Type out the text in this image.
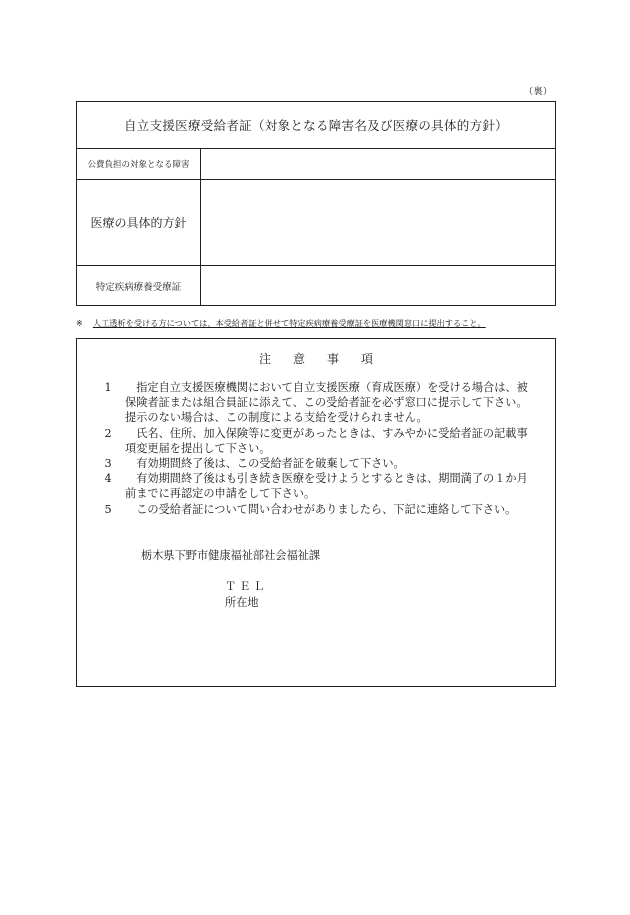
（裏）
自立支援医療受給者証（対象となる障害名及び医療の具体的方針）
公費負担の対象となる障害
医療の具体的方針
特定疾病療養受療証
※ 人工透析を受ける方については、本受給者証と併せて特定疾病療養受療証を医療機関窓口に提出すること。
注意事項
1	指定自立支援医療機関において自立支援医療（育成医療）を受ける場合は、被保険者証または組合員証に添えて、この受給者証を必ず窓口に提示して下さい。提示のない場合は、この制度による支給を受けられません。
2	氏名、住所、加入保険等に変更があったときは、すみやかに受給者証の記載事項変更届を提出して下さい。
3	有効期間終了後は、この受給者証を破棄して下さい。
4	有効期間終了後はも引き続き医療を受けようとするときは、期間満了の１か月前までに再認定の申請をして下さい。
5	この受給者証について問い合わせがありましたら、下記に連絡して下さい。
栃木県下野市健康福祉部社会福祉課
ＴＥＬ
所在地
